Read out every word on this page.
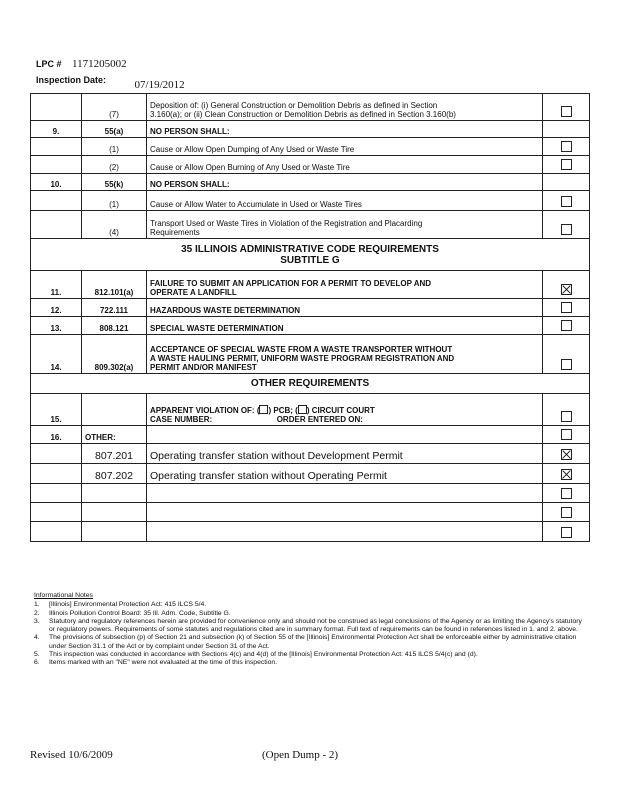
LPC # 1171205002
Inspection Date:	07/19/2012
	(7)	Deposition of: (i) General Construction or Demolition Debris as defined in Section
3.160(a); or (ii) Clean Construction or Demolition Debris as defined in Section 3.160(b)	

9.	55(a)	NO PERSON SHALL:	
	(1)	Cause or Allow Open Dumping of Any Used or Waste Tire	
	(2)	Cause or Allow Open Burning of Any Used or Waste Tire	
10.	55(k)	NO PERSON SHALL:	
	(1)	Cause or Allow Water to Accumulate in Used or Waste Tires	
	(4)	Transport Used or Waste Tires in Violation of the Registration and Placarding
Requirements	

35 ILLINOIS ADMINISTRATIVE CODE REQUIREMENTS
SUBTITLE G			

11.	812.101(a)	FAILURE TO SUBMIT AN APPLICATION FOR A PERMIT TO DEVELOP AND
OPERATE A LANDFILL	

12.	722.111	HAZARDOUS WASTE DETERMINATION	
13.	808.121	SPECIAL WASTE DETERMINATION	
14.	809.302(a)	ACCEPTANCE OF SPECIAL WASTE FROM A WASTE TRANSPORTER WITHOUT
A WASTE HAULING PERMIT, UNIFORM WASTE PROGRAM REGISTRATION AND
PERMIT AND/OR MANIFEST	

OTHER REQUIREMENTS			
15.		APPARENT VIOLATION OF: ( ) PCB; ( ) CIRCUIT COURT
CASE NUMBER: ORDER ENTERED ON:	

16.	OTHER:		
	807.201	Operating transfer station without Development Permit	
	807.202	Operating transfer station without Operating Permit	

Informational Notes
1. [Illinois] Environmental Protection Act: 415 ILCS 5/4.
2. Illinois Pollution Control Board: 35 Ill. Adm. Code, Subtitle G.
3. Statutory and regulatory references herein are provided for convenience only and should not be construed as legal conclusions of the Agency or as limiting the Agency's statutory or regulatory powers. Requirements of some statutes and regulations cited are in summary format. Full text of requirements can be found in references listed in 1. and 2. above.
4. The provisions of subsection (p) of Section 21 and subsection (k) of Section 55 of the [Illinois] Environmental Protection Act shall be enforceable either by administrative citation under Section 31.1 of the Act or by complaint under Section 31 of the Act.
5. This inspection was conducted in accordance with Sections 4(c) and 4(d) of the [Illinois] Environmental Protection Act: 415 ILCS 5/4(c) and (d).
6. Items marked with an "NE" were not evaluated at the time of this inspection.
Revised 10/6/2009	(Open Dump - 2)
